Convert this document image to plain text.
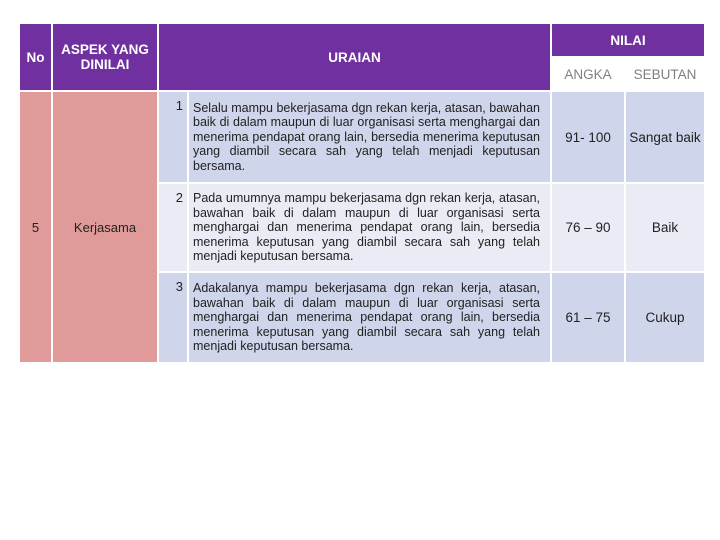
No	ASPEK YANG DINILAI	URAIAN		NILAI	
				ANGKA	SEBUTAN
5	Kerjasama	1	Selalu mampu bekerjasama dgn rekan kerja, atasan, bawahan baik di dalam maupun di luar organisasi serta menghargai dan menerima pendapat orang lain, bersedia menerima keputusan yang diambil secara sah yang telah menjadi keputusan bersama.	91- 100	Sangat baik
		2	Pada umumnya mampu bekerjasama dgn rekan kerja, atasan, bawahan baik di dalam maupun di luar organisasi serta menghargai dan menerima pendapat orang lain, bersedia menerima keputusan yang diambil secara sah yang telah menjadi keputusan bersama.	76 – 90	Baik
		3	Adakalanya mampu bekerjasama dgn rekan kerja, atasan, bawahan baik di dalam maupun di luar organisasi serta menghargai dan menerima pendapat orang lain, bersedia menerima keputusan yang diambil secara sah yang telah menjadi keputusan bersama.	61 – 75	Cukup
